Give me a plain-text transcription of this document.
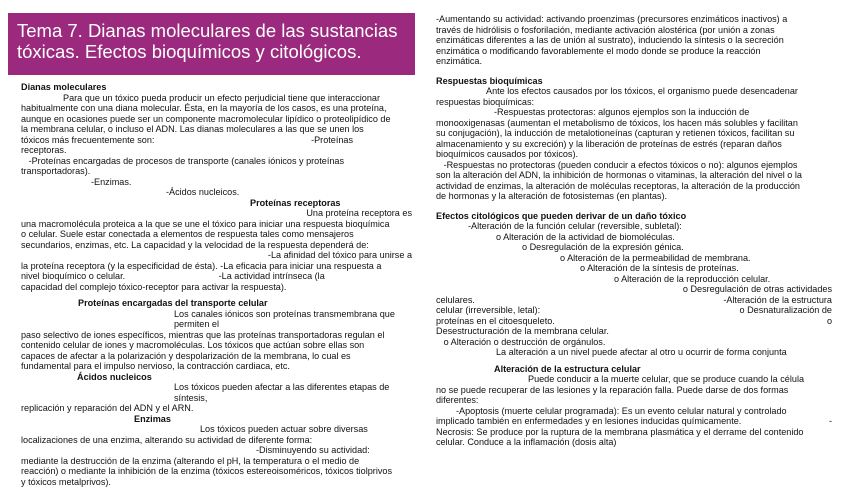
Tema 7. Dianas moleculares de las sustancias
tóxicas. Efectos bioquímicos y citológicos.
Dianas moleculares
Para que un tóxico pueda producir un efecto perjudicial tiene que interaccionar
habitualmente con una diana molecular. Ésta, en la mayoría de los casos, es una proteína,
aunque en ocasiones puede ser un componente macromolecular lipídico o proteolipídico de
la membrana celular, o incluso el ADN. Las dianas moleculares a las que se unen los
tóxicos más frecuentemente son:                                                              -Proteínas
receptoras.
-Proteínas encargadas de procesos de transporte (canales iónicos y proteínas
transportadoras).
-Enzimas.
-Ácidos nucleicos.
Proteínas receptoras
Una proteína receptora es
una macromolécula proteica a la que se une el tóxico para iniciar una respuesta bioquímica
o celular. Suele estar conectada a elementos de respuesta tales como mensajeros
secundarios, enzimas, etc. La capacidad y la velocidad de la respuesta dependerá de:
-La afinidad del tóxico para unirse a
la proteína receptora (y la especificidad de ésta). -La eficacia para iniciar una respuesta a
nivel bioquímico o celular.                                     -La actividad intrínseca (la
capacidad del complejo tóxico-receptor para activar la respuesta).
Proteínas encargadas del transporte celular
Los canales iónicos son proteínas transmembrana que permiten el
paso selectivo de iones específicos, mientras que las proteínas transportadoras regulan el
contenido celular de iones y macromoléculas. Los tóxicos que actúan sobre ellas son
capaces de afectar a la polarización y despolarización de la membrana, lo cual es
fundamental para el impulso nervioso, la contracción cardiaca, etc.
Ácidos nucleicos
Los tóxicos pueden afectar a las diferentes etapas de síntesis,
replicación y reparación del ADN y el ARN.
Enzimas
Los tóxicos pueden actuar sobre diversas
localizaciones de una enzima, alterando su actividad de diferente forma:
-Disminuyendo su actividad:
mediante la destrucción de la enzima (alterando el pH, la temperatura o el medio de
reacción) o mediante la inhibición de la enzima (tóxicos estereoisoméricos, tóxicos tiolprivos
y tóxicos metalprivos).
-Aumentando su actividad: activando proenzimas (precursores enzimáticos inactivos) a
través de hidrólisis o fosforilación, mediante activación alostérica (por unión a zonas
enzimáticas diferentes a las de unión al sustrato), induciendo la síntesis o la secreción
enzimática o modificando favorablemente el modo donde se produce la reacción
enzimática.
Respuestas bioquímicas
Ante los efectos causados por los tóxicos, el organismo puede desencadenar
respuestas bioquímicas:
-Respuestas protectoras: algunos ejemplos son la inducción de
monooxigenasas (aumentan el metabolismo de tóxicos, los hacen más solubles y facilitan
su conjugación), la inducción de metalotioneínas (capturan y retienen tóxicos, facilitan su
almacenamiento y su excreción) y la liberación de proteínas de estrés (reparan daños
bioquímicos causados por tóxicos).
-Respuestas no protectoras (pueden conducir a efectos tóxicos o no): algunos ejemplos
son la alteración del ADN, la inhibición de hormonas o vitaminas, la alteración del nivel o la
actividad de enzimas, la alteración de moléculas receptoras, la alteración de la producción
de hormonas y la alteración de fotosistemas (en plantas).
Efectos citológicos que pueden derivar de un daño tóxico
-Alteración de la función celular (reversible, subletal):
o Alteración de la actividad de biomoléculas.
o Desregulación de la expresión génica.
o Alteración de la permeabilidad de membrana.
o Alteración de la síntesis de proteínas.
o Alteración de la reproducción celular.
o Desregulación de otras actividades
celulares.	-Alteración de la estructura
celular (irreversible, letal):	o Desnaturalización de
proteínas en el citoesqueleto.	o
Desestructuración de la membrana celular.
o Alteración o destrucción de orgánulos.
La alteración a un nivel puede afectar al otro u ocurrir de forma conjunta
Alteración de la estructura celular
Puede conducir a la muerte celular, que se produce cuando la célula
no se puede recuperar de las lesiones y la reparación falla. Puede darse de dos formas
diferentes:
-Apoptosis (muerte celular programada): Es un evento celular natural y controlado
implicado también en enfermedades y en lesiones inducidas químicamente.	-
Necrosis: Se produce por la ruptura de la membrana plasmática y el derrame del contenido
celular. Conduce a la inflamación (dosis alta)
